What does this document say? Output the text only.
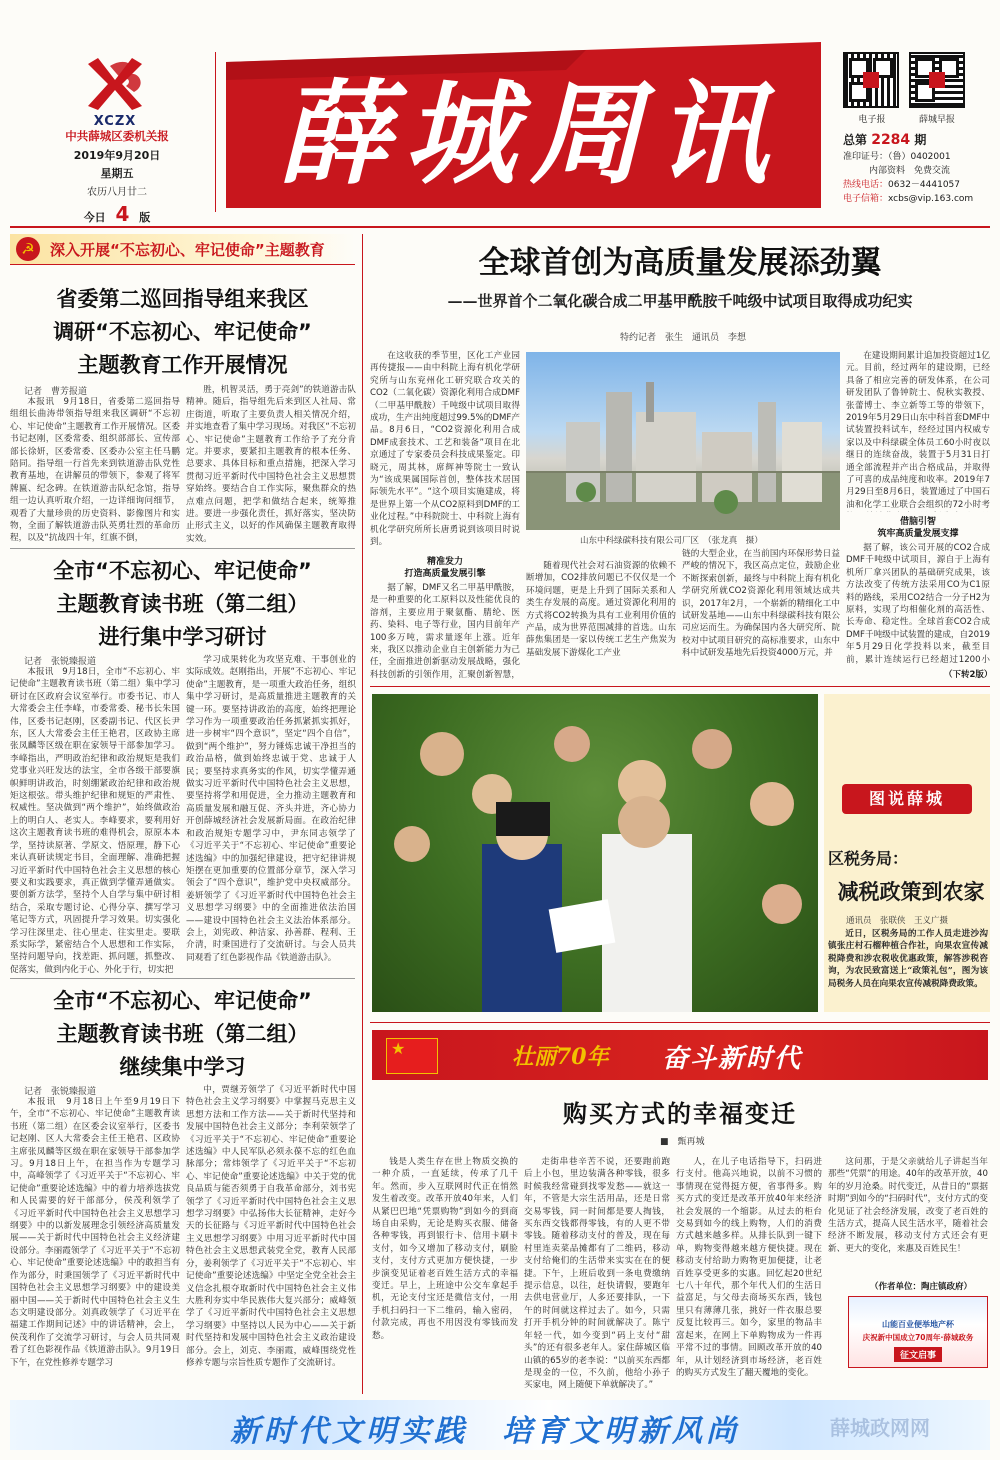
XCZX
中共薛城区委机关报
2019年9月20日
星期五
农历八月廿二
今日 4 版
薛城周讯	电子报	薛城早报
总第 2284 期
准印证号：（鲁）0402001
内部资料　免费交流
热线电话：0632－4441057
电子信箱：xcbs@vip.163.com
☭	深入开展“不忘初心、牢记使命”主题教育
省委第二巡回指导组来我区
调研“不忘初心、牢记使命”
主题教育工作开展情况
记者　曹芳报道
本报讯　9月18日，省委第二巡回指导组组长曲涛带领指导组来我区调研“不忘初心、牢记使命”主题教育工作开展情况。区委书记赵刚，区委常委、组织部部长、宣传部部长徐妍，区委常委、区委办公室主任马鹏陪同。指导组一行首先来到铁道游击队党性教育基地，在讲解员的带领下，参观了将军牌匾、纪念碑。在铁道游击队纪念馆，指导组一边认真听取介绍，一边详细询问细节，观看了大量珍贵的历史资料、影像图片和实物，全面了解铁道游击队英勇壮烈的革命历程，以及“抗战四十年，红旗不倒，
胜，机智灵活，勇于亮剑”的铁道游击队精神。随后，指导组先后来到区人社局、常庄街道，听取了主要负责人相关情况介绍，并实地查看了集中学习现场。对我区“不忘初心、牢记使命”主题教育工作给予了充分肯定。并要求，要紧扣主题教育的根本任务、总要求、具体目标和重点措施，把深入学习贯彻习近平新时代中国特色社会主义思想贯穿始终。要结合自工作实际，聚焦群众的热点难点问题，把学和做结合起来，统筹推进。要进一步强化责任，抓好落实，坚决防止形式主义，以好的作风确保主题教育取得实效。
全市“不忘初心、牢记使命”
主题教育读书班（第二组）
进行集中学习研讨
记者　张锐臻报道
本报讯　9月18日，全市“不忘初心、牢记使命”主题教育读书班（第二组）集中学习研讨在区政府会议室举行。市委书记、市人大常委会主任李峰，市委常委、秘书长朱国伟，区委书记赵刚，区委副书记、代区长尹东，区人大常委会主任王艳君，区政协主席张凤麟等区级在职在家领导干部参加学习。李峰指出，严明政治纪律和政治规矩是我们党事业兴旺发达的法宝，全市各级干部要旗帜鲜明讲政治，时刻绷紧政治纪律和政治规矩这根弦。带头维护纪律和规矩的严肃性、权威性。坚决做到“两个维护”，始终做政治上的明白人、老实人。李峰要求，要利用好这次主题教育读书班的难得机会，原原本本学，坚持读原著、学原文、悟原理，静下心来认真研读规定书目，全面理解、准确把握习近平新时代中国特色社会主义思想的核心要义和实践要求，真正做到学懂弄通做实。要创新方法学，坚持个人自学与集中研讨相结合，采取专题讨论、心得分享、撰写学习笔记等方式，巩固提升学习效果。切实强化学习往深里走、往心里走、往实里走。要联系实际学，紧密结合个人思想和工作实际，坚持问题导向，找差距、抓问题，抓整改、促落实，做到内化于心、外化于行，切实把
学习成果转化为攻坚克难、干事创业的实际成效。赵刚指出，开展“不忘初心、牢记使命”主题教育，是一项重大政治任务，组织集中学习研讨，是高质量推进主题教育的关键一环。要坚持讲政治的高度，始终把理论学习作为一项重要政治任务抓紧抓实抓好，进一步树牢“四个意识”，坚定“四个自信”，做到“两个维护”，努力锤炼忠诚干净担当的政治品格，做到始终忠诚于党、忠诚于人民；要坚持求真务实的作风，切实学懂弄通做实习近平新时代中国特色社会主义思想，要坚持将学和用促进，全力推动主题教育和高质量发展和融互促、齐头并进，齐心协力开创薛城经济社会发展新局面。在政治纪律和政治规矩专题学习中，尹东同志领学了《习近平关于“不忘初心、牢记使命”重要论述选编》中的加强纪律建设，把守纪律讲规矩摆在更加重要的位置部分章节，深入学习领会了“四个意识”，维护党中央权威部分。姜妍领学了《习近平新时代中国特色社会主义思想学习纲要》中的全面推进依法治国——建设中国特色社会主义法治体系部分。会上，刘宪政、种洁家、孙善群、程利、王介清，时秉国进行了交流研讨。与会人员共同观看了红色影视作品《铁道游击队》。
全市“不忘初心、牢记使命”
主题教育读书班（第二组）
继续集中学习
记者　张锐臻报道
本报讯　9月18日上午至9月19日下午，全市“不忘初心、牢记使命”主题教育读书班（第二组）在区委会议室举行，区委书记赵刚、区人大常委会主任王艳君、区政协主席张凤麟等区级在职在家领导干部参加学习。9月18日上午，在担当作为专题学习中，高峰领学了《习近平关于“不忘初心、牢记使命”重要论述选编》中的着力培养选拔党和人民需要的好干部部分，侯茂利领学了《习近平新时代中国特色社会主义思想学习纲要》中的以新发展理念引领经济高质量发展——关于新时代中国特色社会主义经济建设部分。李丽霞领学了《习近平关于“不忘初心、牢记使命”重要论述选编》中的敢担当有作为部分，时秉国领学了《习近平新时代中国特色社会主义思想学习纲要》中的建设美丽中国——关于新时代中国特色社会主义生态文明建设部分。刘真政领学了《习近平在福建工作期间记述》中的讲话精神，会上，侯茂利作了交流学习研讨，与会人员共同观看了红色影视作品《铁道游击队》。9月19日下午，在党性修养专题学习
中，贾继芳领学了《习近平新时代中国特色社会主义学习纲要》中掌握马克思主义思想方法和工作方法——关于新时代坚持和发展中国特色社会主义部分；李利荣领学了《习近平关于“不忘初心、牢记使命”重要论述选编》中人民军队必须永葆不忘的红色血脉部分；常炜领学了《习近平关于“不忘初心、牢记使命”重要论述选编》中关于党的优良品质与能否须勇于自我革命部分，刘书宪领学了《习近平新时代中国特色社会主义思想学习纲要》中弘扬伟大长征精神，走好今天的长征路与《习近平新时代中国特色社会主义思想学习纲要》中用习近平新时代中国特色社会主义思想武装党全党，教育人民部分，姜利领学了《习近平关于“不忘初心、牢记使命”重要论述选编》中坚定全党全社会主义信念扎根夺取新时代中国特色社会主义伟大胜利夯实中华民族伟大复兴部分；威峰领学了《习近平新时代中国特色社会主义思想学习纲要》中坚持以人民为中心——关于新时代坚持和发展中国特色社会主义政治建设部分。会上，刘克、李丽霞，威峰围绕党性修养专题与宗旨性质专题作了交流研讨。
全球首创为高质量发展添劲翼
——世界首个二氧化碳合成二甲基甲酰胺千吨级中试项目取得成功纪实
特约记者　张生　通讯员　李想
在这收获的季节里，区化工产业园再传捷报——由中科院上海有机化学研究所与山东兖州化工研究联合攻关的CO2（二氧化碳）资源化利用合成DMF（二甲基甲酰胺）千吨级中试项目取得成功，生产出纯度超过99.5%的DMF产品。8月6日，“CO2资源化利用合成DMF成套技术、工艺和装备”项目在北京通过了专家委员会科技成果鉴定。印晓元，周其林，席辉神等院士一致认为“该成果属国际首创，整体技术居国际领先水平”。“这个项目实施建成，将是世界上第一个从CO2原料到DMF的工业化过程。”中科院院士、中科院上海有机化学研究所所长唐勇说到该项目时说到。	山东中科绿碳科技有限公司厂区　（张龙真　摄）
精准发力
打造高质量发展引擎
据了解，DMF又名二甲基甲酰胺，是一种重要的化工原料以及性能优良的溶剂，主要应用于聚氨酯、腈纶、医药、染料、电子等行业，国内目前年产100多万吨，需求量逐年上涨。近年来，我区以推动企业自主创新能力为己任，全面推进创新驱动发展战略，强化科技创新的引领作用，汇聚创新智慧，
随着现代社会对石油资源的依赖不断增加，CO2排放问题已不仅仅是一个环境问题，更是上升到了国际关系和人类生存发展的高度。通过资源化利用的方式将CO2转换为具有工业利用价值的产品，成为世界范围减排的首选。山东薛焦集团是一家以传统工艺生产焦炭为基础发展下游煤化工产业
链的大型企业，在当前国内环保形势日益严峻的情况下，我区高点定位，鼓励企业不断探索创新，最终与中科院上海有机化学研究所就CO2资源化利用领域达成共识，2017年2月，一个崭新的精细化工中试研发基地——山东中科绿碳科技有限公司应运而生。为确保国内各大研究所、院校对中试项目研究的高标准要求，山东中科中试研发基地先后投资4000万元，并
在建设期间累计追加投资超过1亿元。目前，经过两年的建设期，已经具备了相应完善的研发体系，在公司研发团队了鲁钟院士、倪秋实教授、张蕾博士、李立新等工等的带领下，2019年5月29日山东中科首套DMF中试装置投料试车，经经过国内权威专家以及中科绿碳全体员工60小时夜以继日的连续奋战，装置于5月31日打通全部流程并产出合格成品，并取得了可喜的成品纯度和收率。2019年7月29日至8月6日，装置通过了中国石油和化学工业联合会组织的72小时考
借脑引智
筑牢高质量发展支撑
据了解，该公司开展的CO2合成DMF千吨级中试项目，源自于上海有机所厂拿兴团队的基础研究成果，该方法改变了传统方法采用CO为C1原料的路线，采用CO2结合一分子H2为原料，实现了均相催化剂的高活性、长寿命、稳定性。全球首套CO2合成DMF千吨级中试装置的建成，自2019年5月29日化学投料以来，截至目前，累计连续运行已经超过1200小
（下转2版）
图说薛城
区税务局：
减税政策到农家
通讯员　张联侠　王义广摄
近日，区税务局的工作人员走进沙沟镇张庄村石榴种植合作社，向果农宣传减税降费和涉农税收优惠政策，解答涉税咨询，为农民致富送上“政策礼包”，图为该局税务人员在向果农宣传减税降费政策。
★	壮丽70年 奋斗新时代
购买方式的幸福变迁
■　甄再城
钱是人类生存在世上物质交换的一种介质，一直延续，传承了几千年。然而，步入互联网时代正在悄然发生着改变。改革开放40年来，人们从紧巴巴地“凭票购物”到如今的到商场自由采购，无论是购买衣服、储备各种零钱，再到银行卡、信用卡刷卡支付，如今又增加了移动支付，刷脸支付，支付方式更加方便快捷，一步步演变见证着老百姓生活方式的幸福变迁。早上，上班途中公交车拿起手机，无论支付宝还是微信支付，一用手机扫码扫一下二维码，输入密码，付款完成，再也不用因没有零钱而发愁。
走街串巷辛苦不说，还要跑前跑后上小包，里边装满各种零钱，很多时候我经常碰到找零发愁——就这一年，不管是大宗生活用品，还是日常交易零钱，同一时间都是要人掏钱，买东西交钱都得零钱，有的人更不带零钱。随着移动支付的普及，现在每村里连卖菜品摊都有了二维码，移动支付给俺们的生活带来实实在在的便捷。下午，上班后收到一条电费缴纳提示信息，以往，赶快请假，要跑年去供电营业厅，人多还要排队，一下午的时间就这样过去了。如今，只需打开手机分钟的时间就解决了。陈宁年轻一代，如今变到“码上支付“甜头”的还有很多老年人。家住薛城区临山镇的65岁的老李说：“以前买东西都是现金的一位，不久前，他给小孙子买家电，网上随便下单就解决了。”
人，在儿子电话指导下，扫码进行支付。他高兴地说，以前不习惯的事情现在觉得挺方便，省事得多。购买方式的变迁是改革开放40年来经济社会发展的一个缩影。从过去的柜台交易到如今的线上购物，人们的消费方式越来越多样。从排长队到一键下单，购物变得越来越方便快捷。现在移动支付给助力购物更加便捷，让老百姓享受更多的实惠。回忆起20世纪七八十年代，那个年代人们的生活日益富足，与父母去商场买东西，钱包里只有薄薄几张，挑好一件衣服总要反复比较再三。如今，家里的物品丰富起来，在网上下单购物成为一件再平常不过的事情。回顾改革开放的40年，从计划经济到市场经济，老百姓的购买方式发生了翻天覆地的变化。
这问那，于是父亲就给儿子讲起当年那些“凭票”的用途。40年的改革开放，40年的岁月沧桑。时代变迁，从昔日的“票据时期”到如今的“扫码时代”，支付方式的变化见证了社会经济发展，改变了老百姓的生活方式，提高人民生活水平，随着社会经济不断发展，移动支付方式还会有更新、更大的变化，来惠及百姓民生！
（作者单位：陶庄镇政府）
山能百业便举地产杯
庆祝新中国成立70周年·薛城政务
征文启事
新时代文明实践　培育文明新风尚	薛城政网网
